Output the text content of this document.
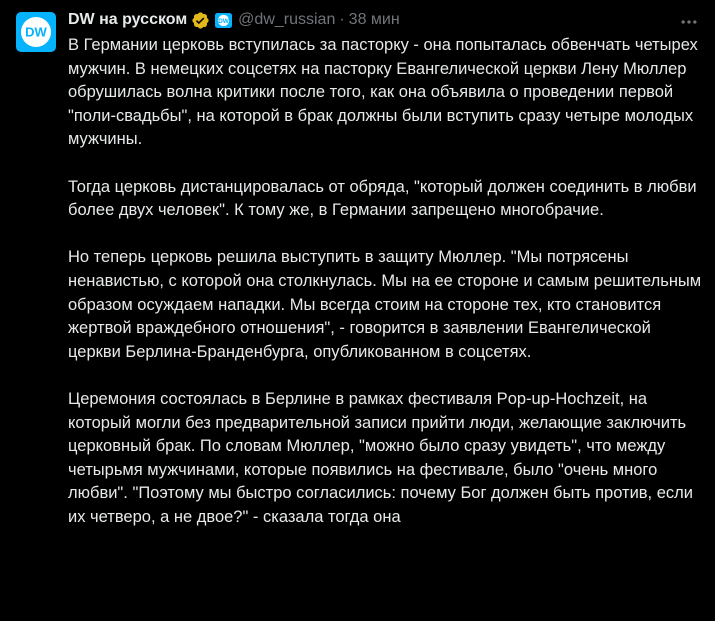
DW
DW на русском	DW @dw_russian · 38 мин

В Германии церковь вступилась за пасторку - она попыталась обвенчать четырех мужчин. В немецких соцсетях на пасторку Евангелической церкви Лену Мюллер обрушилась волна критики после того, как она объявила о проведении первой "поли-свадьбы", на которой в брак должны были вступить сразу четыре молодых мужчины.

Тогда церковь дистанцировалась от обряда, "который должен соединить в любви более двух человек". К тому же, в Германии запрещено многобрачие.

Но теперь церковь решила выступить в защиту Мюллер. "Мы потрясены ненавистью, с которой она столкнулась. Мы на ее стороне и самым решительным образом осуждаем нападки. Мы всегда стоим на стороне тех, кто становится жертвой враждебного отношения", - говорится в заявлении Евангелической церкви Берлина-Бранденбурга, опубликованном в соцсетях.

Церемония состоялась в Берлине в рамках фестиваля Pop-up-Hochzeit, на который могли без предварительной записи прийти люди, желающие заключить церковный брак. По словам Мюллер, "можно было сразу увидеть", что между четырьмя мужчинами, которые появились на фестивале, было "очень много любви". "Поэтому мы быстро согласились: почему Бог должен быть против, если их четверо, а не двое?" - сказала тогда она
